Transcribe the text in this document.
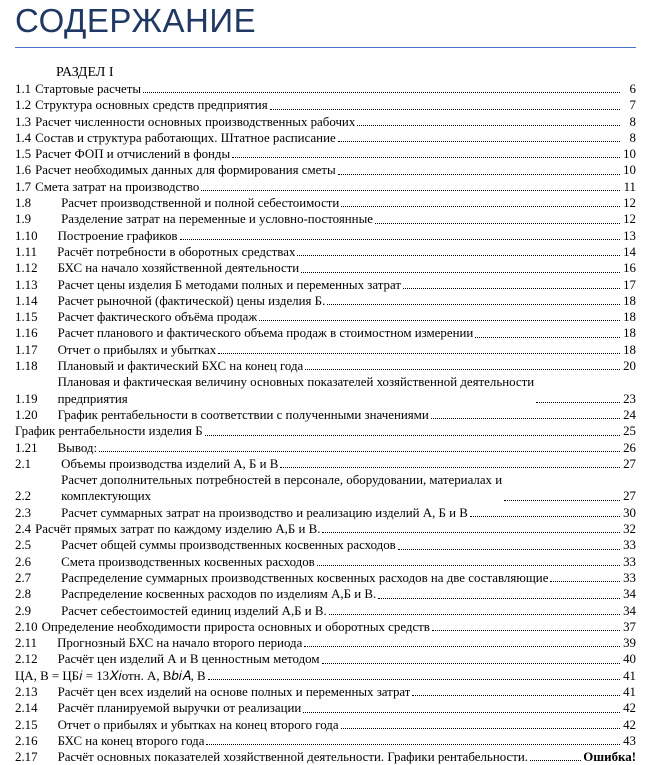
СОДЕРЖАНИЕ
РАЗДЕЛ I
1.1 Стартовые расчеты	6
1.2 Структура основных средств предприятия	7
1.3 Расчет численности основных производственных рабочих	8
1.4 Состав и структура работающих. Штатное расписание	8
1.5 Расчет ФОП и отчислений в фонды	10
1.6 Расчет необходимых данных для формирования сметы	10
1.7 Смета затрат на производство	11
1.8 Расчет производственной и полной себестоимости	12
1.9 Разделение затрат на переменные и условно-постоянные	12
1.10 Построение графиков	13
1.11 Расчёт потребности в оборотных средствах	14
1.12 БХС на начало хозяйственной деятельности	16
1.13 Расчет цены изделия Б методами полных и переменных затрат	17
1.14 Расчет рыночной (фактической) цены изделия Б.	18
1.15 Расчет фактического объёма продаж	18
1.16 Расчет планового и фактического объема продаж в стоимостном измерении	18
1.17 Отчет о прибылях и убытках	18
1.18 Плановый и фактический БХС на конец года	20
1.19
Плановая и фактическая величину основных показателей хозяйственной деятельности
предприятия	23
1.20 График рентабельности в соответствии с полученными значениями	24
График рентабельности изделия Б	25
1.21 Вывод:	26
2.1 Объемы производства изделий А, Б и В	27
2.2
Расчет дополнительных потребностей в персонале, оборудовании, материалах и
комплектующих	27
2.3 Расчет суммарных затрат на производство и реализацию изделий А, Б и В	30
2.4 Расчёт прямых затрат по каждому изделию А,Б и В.	32
2.5 Расчет общей суммы производственных косвенных расходов	33
2.6 Смета производственных косвенных расходов	33
2.7 Распределение суммарных производственных косвенных расходов на две составляющие	33
2.8 Распределение косвенных расходов по изделиям А,Б и В.	34
2.9 Расчет себестоимостей единиц изделий А,Б и В.	34
2.10 Определение необходимости прироста основных и оборотных средств	37
2.11 Прогнозный БХС на начало второго периода	39
2.12 Расчёт цен изделий А и В ценностным методом	40
ЦА, В = ЦБ𝑖 = 13𝑋𝑖отн. А, В𝑏𝑖𝐴, В	41
2.13 Расчёт цен всех изделий на основе полных и переменных затрат	41
2.14 Расчёт планируемой выручки от реализации	42
2.15 Отчет о прибылях и убытках на конец второго года	42
2.16 БХС на конец второго года	43
2.17 Расчёт основных показателей хозяйственной деятельности. Графики рентабельности.	Ошибка!
